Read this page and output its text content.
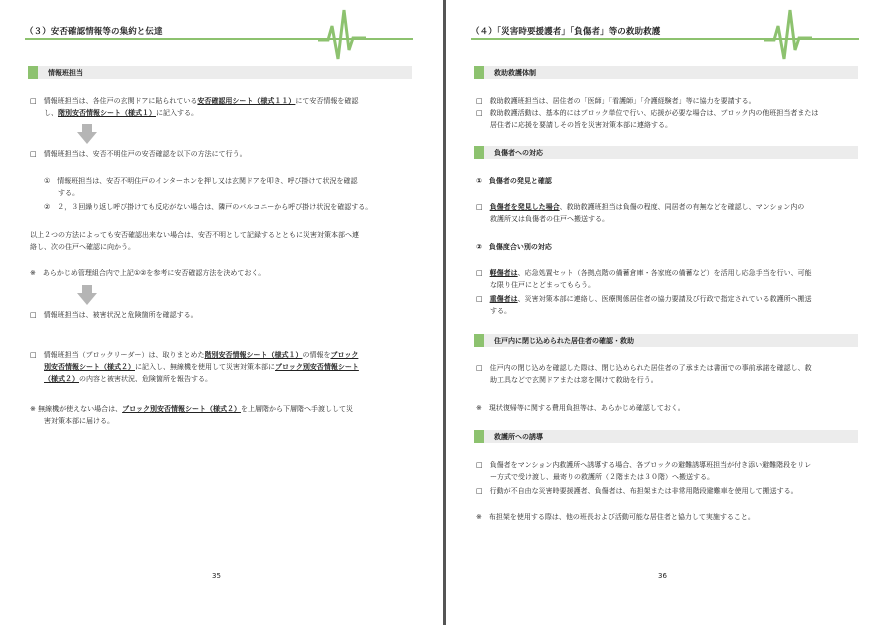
（３）安否確認情報等の集約と伝達
情報班担当
□　情報班担当は、各住戸の玄関ドアに貼られている安否確認用シート（様式１１）にて安否情報を確認
し、階別安否情報シート（様式１）に記入する。
□　情報班担当は、安否不明住戸の安否確認を以下の方法にて行う。
①　情報班担当は、安否不明住戸のインターホンを押し又は玄関ドアを叩き、呼び掛けて状況を確認
する。
②　２，３回繰り返し呼び掛けても反応がない場合は、隣戸のバルコニーから呼び掛け状況を確認する。
以上２つの方法によっても安否確認出来ない場合は、安否不明として記録するとともに災害対策本部へ連
絡し、次の住戸へ確認に向かう。
※　あらかじめ管理組合内で上記①②を参考に安否確認方法を決めておく。
□　情報班担当は、被害状況と危険箇所を確認する。
□　情報班担当（ブロックリーダー）は、取りまとめた階別安否情報シート（様式１）の情報をブロック
別安否情報シート（様式２）に記入し、無線機を使用して災害対策本部にブロック別安否情報シート
（様式２）の内容と被害状況、危険箇所を報告する。
※ 無線機が使えない場合は、ブロック別安否情報シート（様式２）を上層階から下層階へ手渡しして災
害対策本部に届ける。
35
（４）「災害時要援護者」「負傷者」等の救助救護
救助救護体制
□　救助救護班担当は、居住者の「医師」「看護師」「介護経験者」等に協力を要請する。
□　救助救護活動は、基本的にはブロック単位で行い、応援が必要な場合は、ブロック内の他班担当者または
居住者に応援を要請しその旨を災害対策本部に連絡する。
負傷者への対応
①　負傷者の発見と確認
□　負傷者を発見した場合、救助救護班担当は負傷の程度、同居者の有無などを確認し、マンション内の
救護所又は負傷者の住戸へ搬送する。
②　負傷度合い別の対応
□　軽傷者は、応急処置セット（各拠点階の備蓄倉庫・各家庭の備蓄など）を活用し応急手当を行い、可能
な限り住戸にとどまってもらう。
□　重傷者は、災害対策本部に連絡し、医療関係居住者の協力要請及び行政で指定されている救護所へ搬送
する。
住戸内に閉じ込められた居住者の確認・救助
□　住戸内の閉じ込めを確認した際は、閉じ込められた居住者の了承または書面での事前承諾を確認し、救
助工具などで玄関ドアまたは窓を開けて救助を行う。
※　現状復帰等に関する費用負担等は、あらかじめ確認しておく。
救護所への誘導
□　負傷者をマンション内救護所へ誘導する場合、各ブロックの避難誘導班担当が付き添い避難階段をリレ
ー方式で受け渡し、最寄りの救護所（２階または３０階）へ搬送する。
□　行動が不自由な災害時要援護者、負傷者は、布担架または非常用階段避難車を使用して搬送する。
※　布担架を使用する際は、他の班長および活動可能な居住者と協力して実施すること。
36
